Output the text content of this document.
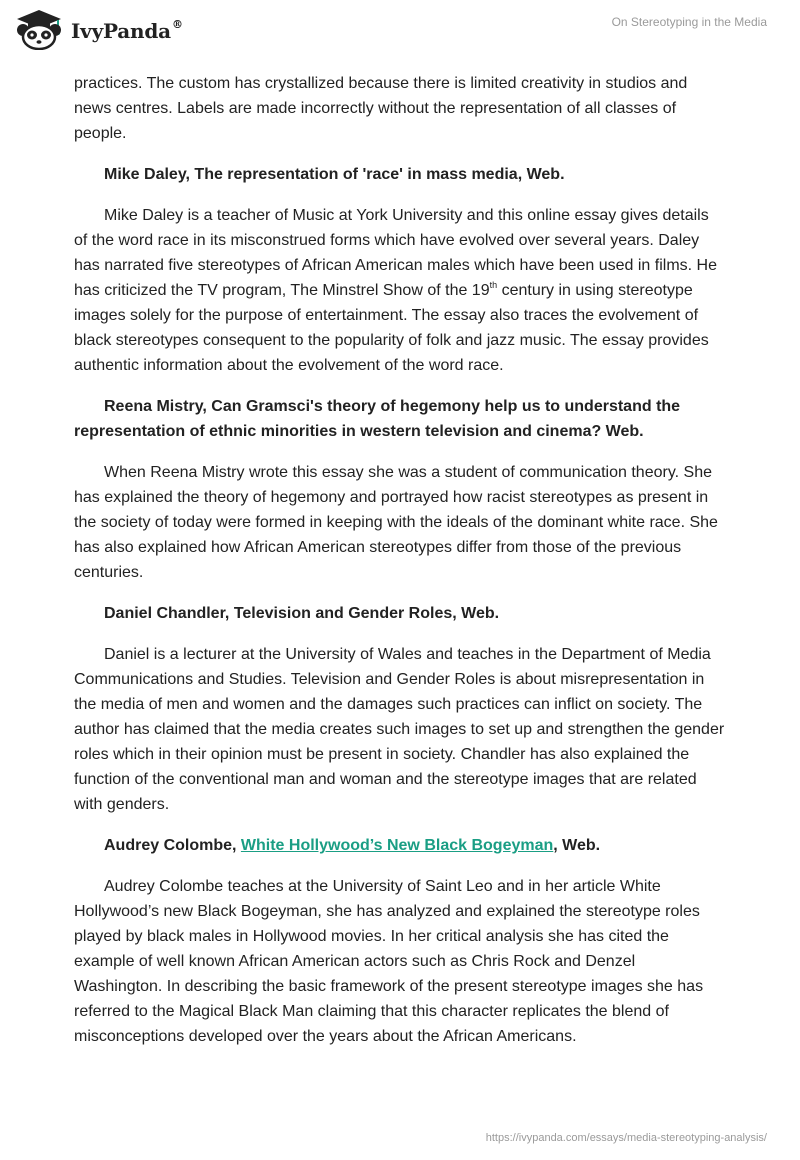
IvyPanda®	On Stereotyping in the Media

practices. The custom has crystallized because there is limited creativity in studios and news centres. Labels are made incorrectly without the representation of all classes of people.

Mike Daley, The representation of 'race' in mass media, Web.

Mike Daley is a teacher of Music at York University and this online essay gives details of the word race in its misconstrued forms which have evolved over several years. Daley has narrated five stereotypes of African American males which have been used in films. He has criticized the TV program, The Minstrel Show of the 19th century in using stereotype images solely for the purpose of entertainment. The essay also traces the evolvement of black stereotypes consequent to the popularity of folk and jazz music. The essay provides authentic information about the evolvement of the word race.

Reena Mistry, Can Gramsci's theory of hegemony help us to understand the representation of ethnic minorities in western television and cinema? Web.

When Reena Mistry wrote this essay she was a student of communication theory. She has explained the theory of hegemony and portrayed how racist stereotypes as present in the society of today were formed in keeping with the ideals of the dominant white race. She has also explained how African American stereotypes differ from those of the previous centuries.

Daniel Chandler, Television and Gender Roles, Web.

Daniel is a lecturer at the University of Wales and teaches in the Department of Media Communications and Studies. Television and Gender Roles is about misrepresentation in the media of men and women and the damages such practices can inflict on society. The author has claimed that the media creates such images to set up and strengthen the gender roles which in their opinion must be present in society. Chandler has also explained the function of the conventional man and woman and the stereotype images that are related with genders.

Audrey Colombe, White Hollywood’s New Black Bogeyman, Web.

Audrey Colombe teaches at the University of Saint Leo and in her article White Hollywood’s new Black Bogeyman, she has analyzed and explained the stereotype roles played by black males in Hollywood movies. In her critical analysis she has cited the example of well known African American actors such as Chris Rock and Denzel Washington. In describing the basic framework of the present stereotype images she has referred to the Magical Black Man claiming that this character replicates the blend of misconceptions developed over the years about the African Americans.

https://ivypanda.com/essays/media-stereotyping-analysis/
